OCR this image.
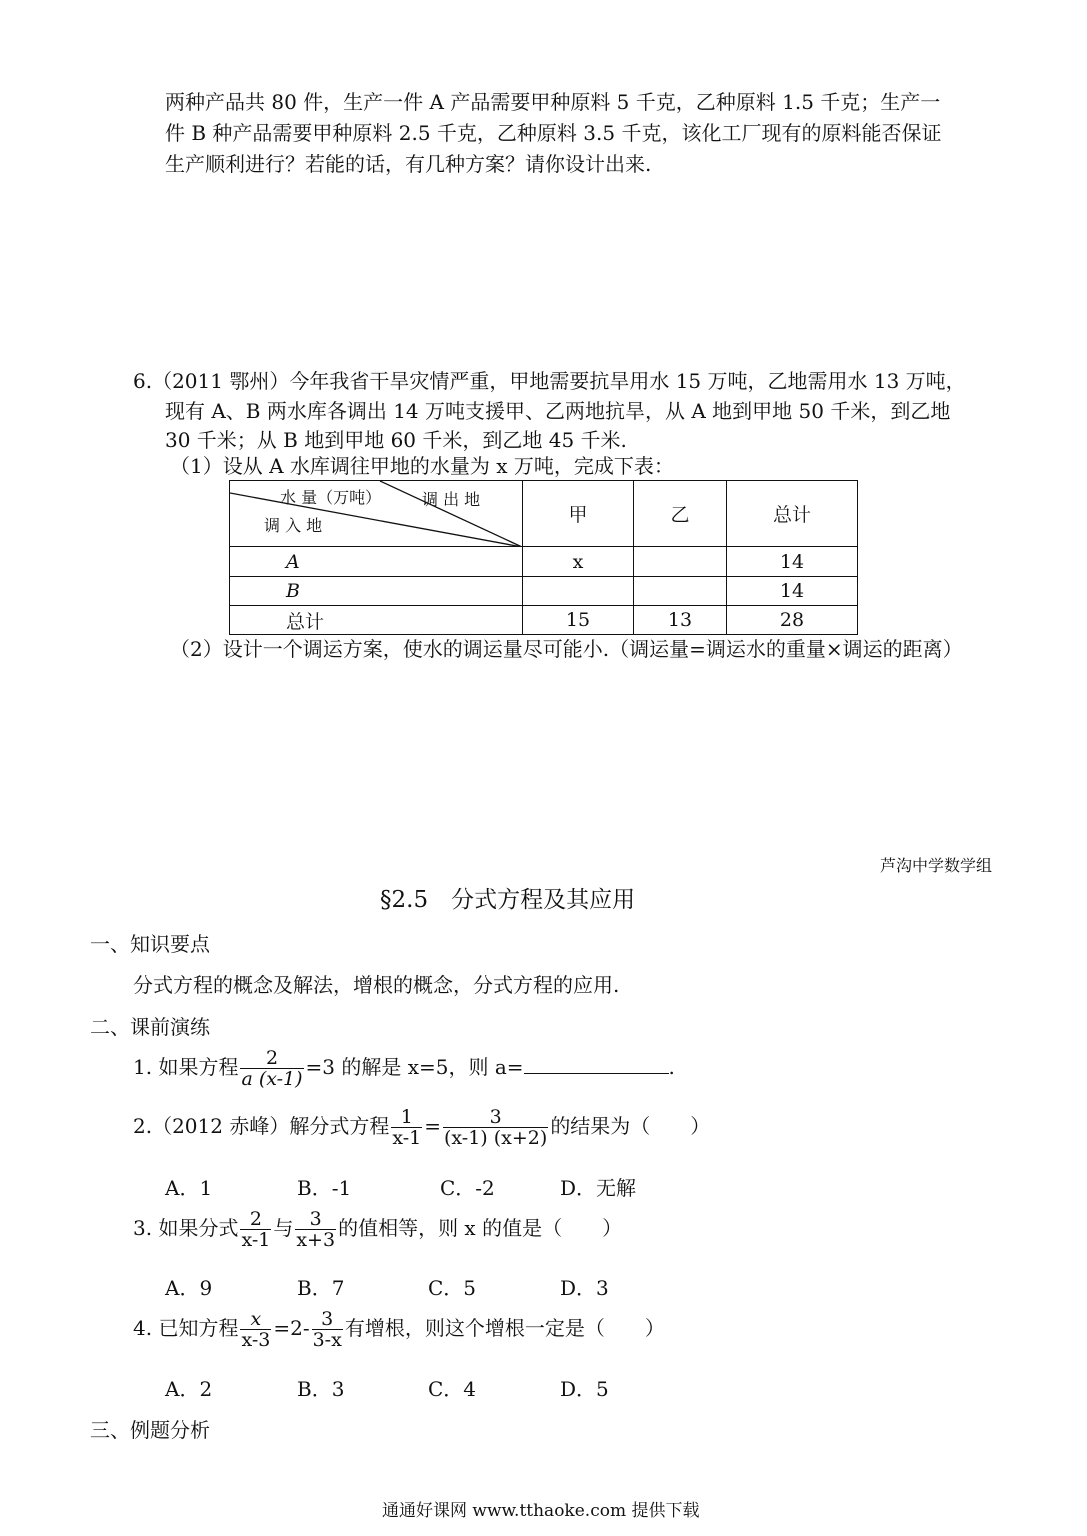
两种产品共 80 件，生产一件 A 产品需要甲种原料 5 千克，乙种原料 1.5 千克；生产一
件 B 种产品需要甲种原料 2.5 千克，乙种原料 3.5 千克，该化工厂现有的原料能否保证
生产顺利进行？若能的话，有几种方案？请你设计出来.
6.（2011 鄂州）今年我省干旱灾情严重，甲地需要抗旱用水 15 万吨，乙地需用水 13 万吨，
现有 A、B 两水库各调出 14 万吨支援甲、乙两地抗旱，从 A 地到甲地 50 千米，到乙地
30 千米；从 B 地到甲地 60 千米，到乙地 45 千米.
（1）设从 A 水库调往甲地的水量为 x 万吨，完成下表：
水 量（万吨） 调 出 地
调 入 地	甲	乙	总计
A	x		14
B			14
总计	15	13	28
（2）设计一个调运方案，使水的调运量尽可能小.（调运量=调运水的重量×调运的距离）
芦沟中学数学组
§2.5　分式方程及其应用
一、知识要点
分式方程的概念及解法，增根的概念，分式方程的应用.
二、课前演练
1. 如果方程 $\frac{2}{a (x-1)} =3$ 的解是 x=5，则 a=	.
2.（2012 赤峰）解分式方程 $\frac{1}{x-1} = \frac{3}{(x-1) (x+2)}$ 的结果为（　　）
A．1	B．-1	C．-2	D．无解
3. 如果分式 $\frac{2}{x-1}$ 与 $\frac{3}{x+3}$ 的值相等，则 x 的值是（　　）
A．9	B．7	C．5	D．3
4. 已知方程 $\frac{x}{x-3} =2- \frac{3}{3-x}$ 有增根，则这个增根一定是（　　）
A．2	B．3	C．4	D．5
三、例题分析
通通好课网 www.tthaoke.com 提供下载
